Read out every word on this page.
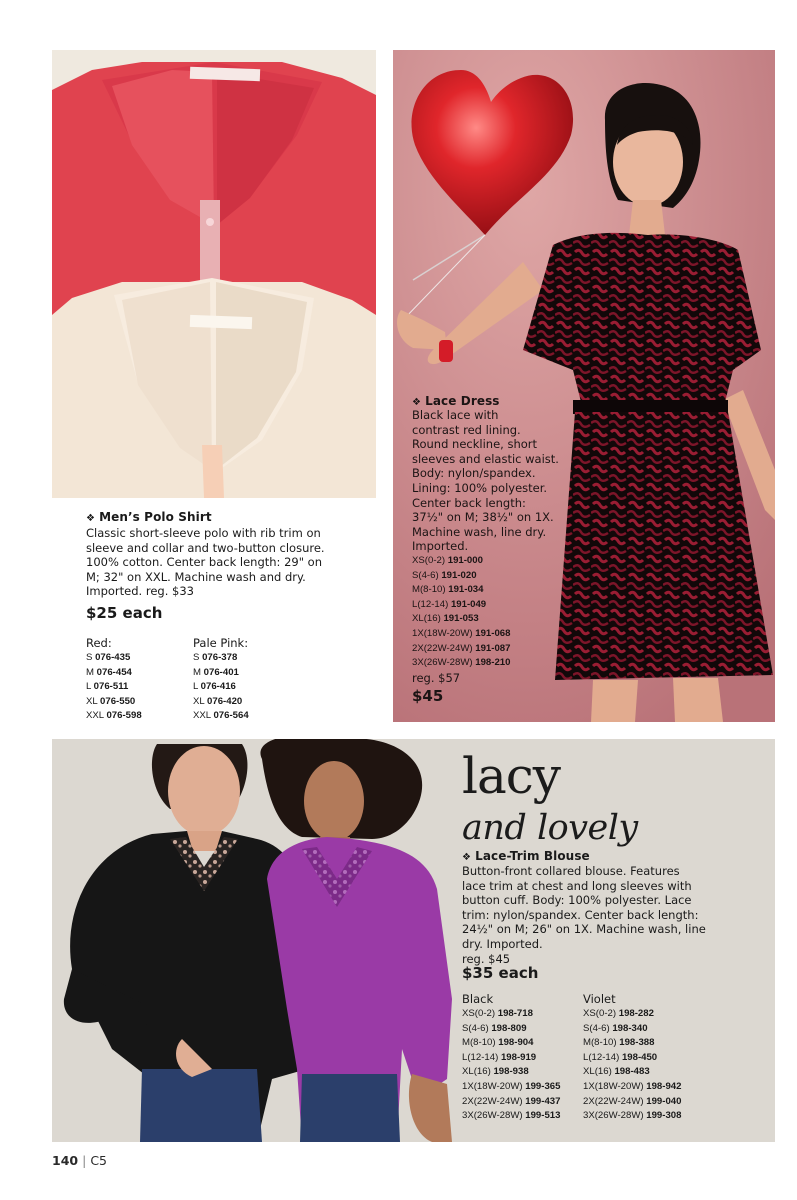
❖ Men’s Polo Shirt
Classic short-sleeve polo with rib trim on
sleeve and collar and two-button closure.
100% cotton. Center back length: 29" on
M; 32" on XXL. Machine wash and dry.
Imported. reg. $33
$25 each
Red:
S 076-435
M 076-454
L 076-511
XL 076-550
XXL 076-598
Pale Pink:
S 076-378
M 076-401
L 076-416
XL 076-420
XXL 076-564
❖ Lace Dress
Black lace with
contrast red lining.
Round neckline, short
sleeves and elastic waist.
Body: nylon/spandex.
Lining: 100% polyester.
Center back length:
37½" on M; 38½" on 1X.
Machine wash, line dry.
Imported.
XS(0-2) 191-000
S(4-6) 191-020
M(8-10) 191-034
L(12-14) 191-049
XL(16) 191-053
1X(18W-20W) 191-068
2X(22W-24W) 191-087
3X(26W-28W) 198-210
reg. $57
$45
lacy
and lovely
❖ Lace-Trim Blouse
Button-front collared blouse. Features
lace trim at chest and long sleeves with
button cuff. Body: 100% polyester. Lace
trim: nylon/spandex. Center back length:
24½" on M; 26" on 1X. Machine wash, line
dry. Imported.
reg. $45
$35 each
Black
XS(0-2) 198-718
S(4-6) 198-809
M(8-10) 198-904
L(12-14) 198-919
XL(16) 198-938
1X(18W-20W) 199-365
2X(22W-24W) 199-437
3X(26W-28W) 199-513
Violet
XS(0-2) 198-282
S(4-6) 198-340
M(8-10) 198-388
L(12-14) 198-450
XL(16) 198-483
1X(18W-20W) 198-942
2X(22W-24W) 199-040
3X(26W-28W) 199-308
140 | C5
